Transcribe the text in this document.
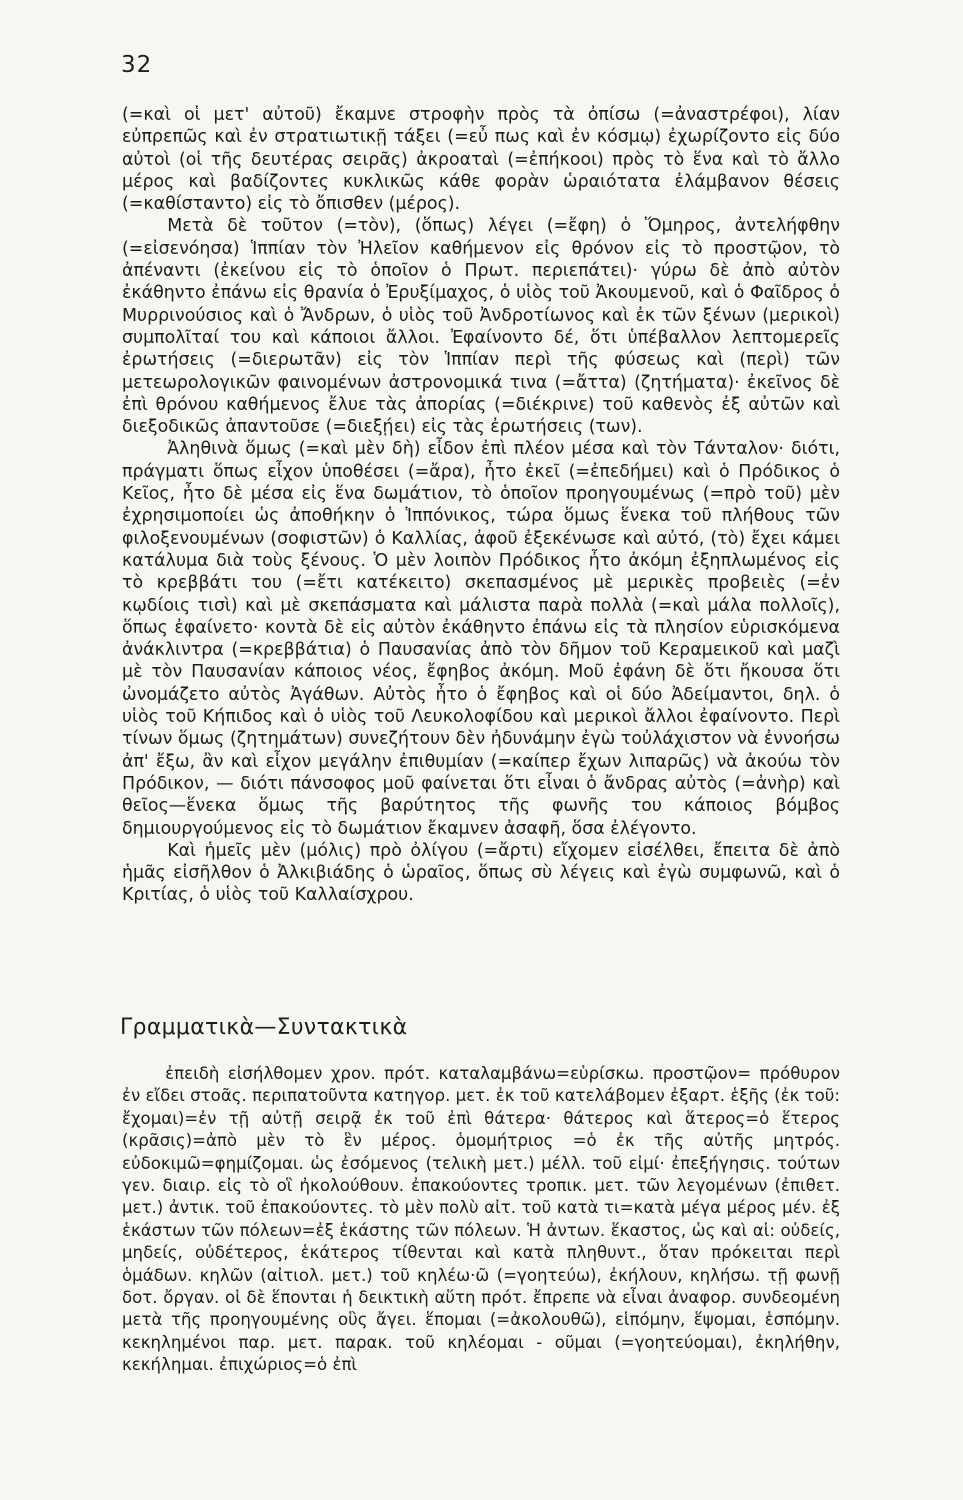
32

(=καὶ οἱ μετ' αὐτοῦ) ἔκαμνε στροφὴν πρὸς τὰ ὀπίσω (=ἀναστρέφοι), λίαν εὐπρεπῶς καὶ ἐν στρατιωτικῇ τάξει (=εὖ πως καὶ ἐν κόσμῳ) ἐχωρίζοντο εἰς δύο αὐτοὶ (οἱ τῆς δευτέρας σειρᾶς) ἀκροαταὶ (=ἐπήκοοι) πρὸς τὸ ἕνα καὶ τὸ ἄλλο μέρος καὶ βαδίζοντες κυκλικῶς κάθε φορὰν ὡραιότατα ἐλάμβανον θέσεις (=καθίσταντο) εἰς τὸ ὄπισθεν (μέρος).

Μετὰ δὲ τοῦτον (=τὸν), (ὅπως) λέγει (=ἔφη) ὁ Ὅμηρος, ἀντελήφθην (=εἰσενόησα) Ἱππίαν τὸν Ἠλεῖον καθήμενον εἰς θρόνον εἰς τὸ προστῷον, τὸ ἀπέναντι (ἐκείνου εἰς τὸ ὁποῖον ὁ Πρωτ. περιεπάτει)· γύρω δὲ ἀπὸ αὐτὸν ἐκάθηντο ἐπάνω εἰς θρανία ὁ Ἐρυξίμαχος, ὁ υἱὸς τοῦ Ἀκουμενοῦ, καὶ ὁ Φαῖδρος ὁ Μυρρινούσιος καὶ ὁ Ἄνδρων, ὁ υἱὸς τοῦ Ἀνδροτίωνος καὶ ἐκ τῶν ξένων (μερικοὶ) συμπολῖταί του καὶ κάποιοι ἄλλοι. Ἐφαίνοντο δέ, ὅτι ὑπέβαλλον λεπτομερεῖς ἐρωτήσεις (=διερωτᾶν) εἰς τὸν Ἱππίαν περὶ τῆς φύσεως καὶ (περὶ) τῶν μετεωρολογικῶν φαινομένων ἀστρονομικά τινα (=ἄττα) (ζητήματα)· ἐκεῖνος δὲ ἐπὶ θρόνου καθήμενος ἔλυε τὰς ἀπορίας (=διέκρινε) τοῦ καθενὸς ἐξ αὐτῶν καὶ διεξοδικῶς ἀπαντοῦσε (=διεξῄει) εἰς τὰς ἐρωτήσεις (των).

Ἀληθινὰ ὅμως (=καὶ μὲν δὴ) εἶδον ἐπὶ πλέον μέσα καὶ τὸν Τάνταλον· διότι, πράγματι ὅπως εἶχον ὑποθέσει (=ἄρα), ἦτο ἐκεῖ (=ἐπεδήμει) καὶ ὁ Πρόδικος ὁ Κεῖος, ἦτο δὲ μέσα εἰς ἕνα δωμάτιον, τὸ ὁποῖον προηγουμένως (=πρὸ τοῦ) μὲν ἐχρησιμοποίει ὡς ἀποθήκην ὁ Ἱππόνικος, τώρα ὅμως ἕνεκα τοῦ πλήθους τῶν φιλοξενουμένων (σοφιστῶν) ὁ Καλλίας, ἀφοῦ ἐξεκένωσε καὶ αὐτό, (τὸ) ἔχει κάμει κατάλυμα διὰ τοὺς ξένους. Ὁ μὲν λοιπὸν Πρόδικος ἦτο ἀκόμη ἐξηπλωμένος εἰς τὸ κρεββάτι του (=ἔτι κατέκειτο) σκεπασμένος μὲ μερικὲς προβειὲς (=ἐν κῳδίοις τισὶ) καὶ μὲ σκεπάσματα καὶ μάλιστα παρὰ πολλὰ (=καὶ μάλα πολλοῖς), ὅπως ἐφαίνετο· κοντὰ δὲ εἰς αὐτὸν ἐκάθηντο ἐπάνω εἰς τὰ πλησίον εὑρισκόμενα ἀνάκλιντρα (=κρεββάτια) ὁ Παυσανίας ἀπὸ τὸν δῆμον τοῦ Κεραμεικοῦ καὶ μαζὶ μὲ τὸν Παυσανίαν κάποιος νέος, ἔφηβος ἀκόμη. Μοῦ ἐφάνη δὲ ὅτι ἤκουσα ὅτι ὠνομάζετο αὐτὸς Ἀγάθων. Αὐτὸς ἦτο ὁ ἔφηβος καὶ οἱ δύο Ἀδείμαντοι, δηλ. ὁ υἱὸς τοῦ Κήπιδος καὶ ὁ υἱὸς τοῦ Λευκολοφίδου καὶ μερικοὶ ἄλλοι ἐφαίνοντο. Περὶ τίνων ὅμως (ζητημάτων) συνεζήτουν δὲν ἠδυνάμην ἐγὼ τοὐλάχιστον νὰ ἐννοήσω ἀπ' ἔξω, ἂν καὶ εἶχον μεγάλην ἐπιθυμίαν (=καίπερ ἔχων λιπαρῶς) νὰ ἀκούω τὸν Πρόδικον, — διότι πάνσοφος μοῦ φαίνεται ὅτι εἶναι ὁ ἄνδρας αὐτὸς (=ἀνὴρ) καὶ θεῖος—ἕνεκα ὅμως τῆς βαρύτητος τῆς φωνῆς του κάποιος βόμβος δημιουργούμενος εἰς τὸ δωμάτιον ἔκαμνεν ἀσαφῆ, ὅσα ἐλέγοντο.

Καὶ ἡμεῖς μὲν (μόλις) πρὸ ὀλίγου (=ἄρτι) εἴχομεν εἰσέλθει, ἔπειτα δὲ ἀπὸ ἡμᾶς εἰσῆλθον ὁ Ἀλκιβιάδης ὁ ὡραῖος, ὅπως σὺ λέγεις καὶ ἐγὼ συμφωνῶ, καὶ ὁ Κριτίας, ὁ υἱὸς τοῦ Καλλαίσχρου.

Γραμματικὰ—Συντακτικὰ

ἐπειδὴ εἰσήλθομεν χρον. πρότ. καταλαμβάνω=εὑρίσκω. προστῷον= πρόθυρον ἐν εἴδει στοᾶς. περιπατοῦντα κατηγορ. μετ. ἐκ τοῦ κατελάβομεν ἐξαρτ. ἑξῆς (ἐκ τοῦ: ἔχομαι)=ἐν τῇ αὐτῇ σειρᾷ ἐκ τοῦ ἐπὶ θάτερα· θάτερος καὶ ἅτερος=ὁ ἕτερος (κρᾶσις)=ἀπὸ μὲν τὸ ἓν μέρος. ὁμομήτριος =ὁ ἐκ τῆς αὐτῆς μητρός. εὐδοκιμῶ=φημίζομαι. ὡς ἐσόμενος (τελικὴ μετ.) μέλλ. τοῦ εἰμί· ἐπεξήγησις. τούτων γεν. διαιρ. εἰς τὸ οἳ ἠκολούθουν. ἐπακούοντες τροπικ. μετ. τῶν λεγομένων (ἐπιθετ. μετ.) ἀντικ. τοῦ ἐπακούοντες. τὸ μὲν πολὺ αἰτ. τοῦ κατὰ τι=κατὰ μέγα μέρος μέν. ἐξ ἑκάστων τῶν πόλεων=ἐξ ἑκάστης τῶν πόλεων. Ἡ ἀντων. ἕκαστος, ὡς καὶ αἱ: οὐδείς, μηδείς, οὐδέτερος, ἑκάτερος τίθενται καὶ κατὰ πληθυντ., ὅταν πρόκειται περὶ ὁμάδων. κηλῶν (αἰτιολ. μετ.) τοῦ κηλέω·ῶ (=γοητεύω), ἐκήλουν, κηλήσω. τῇ φωνῇ δοτ. ὄργαν. οἱ δὲ ἕπονται ἡ δεικτικὴ αὕτη πρότ. ἔπρεπε νὰ εἶναι ἀναφορ. συνδεομένη μετὰ τῆς προηγουμένης οὓς ἄγει. ἕπομαι (=ἀκολουθῶ), εἱπόμην, ἕψομαι, ἑσπόμην. κεκηλημένοι παρ. μετ. παρακ. τοῦ κηλέομαι - οῦμαι (=γοητεύομαι), ἐκηλήθην, κεκήλημαι. ἐπιχώριος=ὁ ἐπὶ
